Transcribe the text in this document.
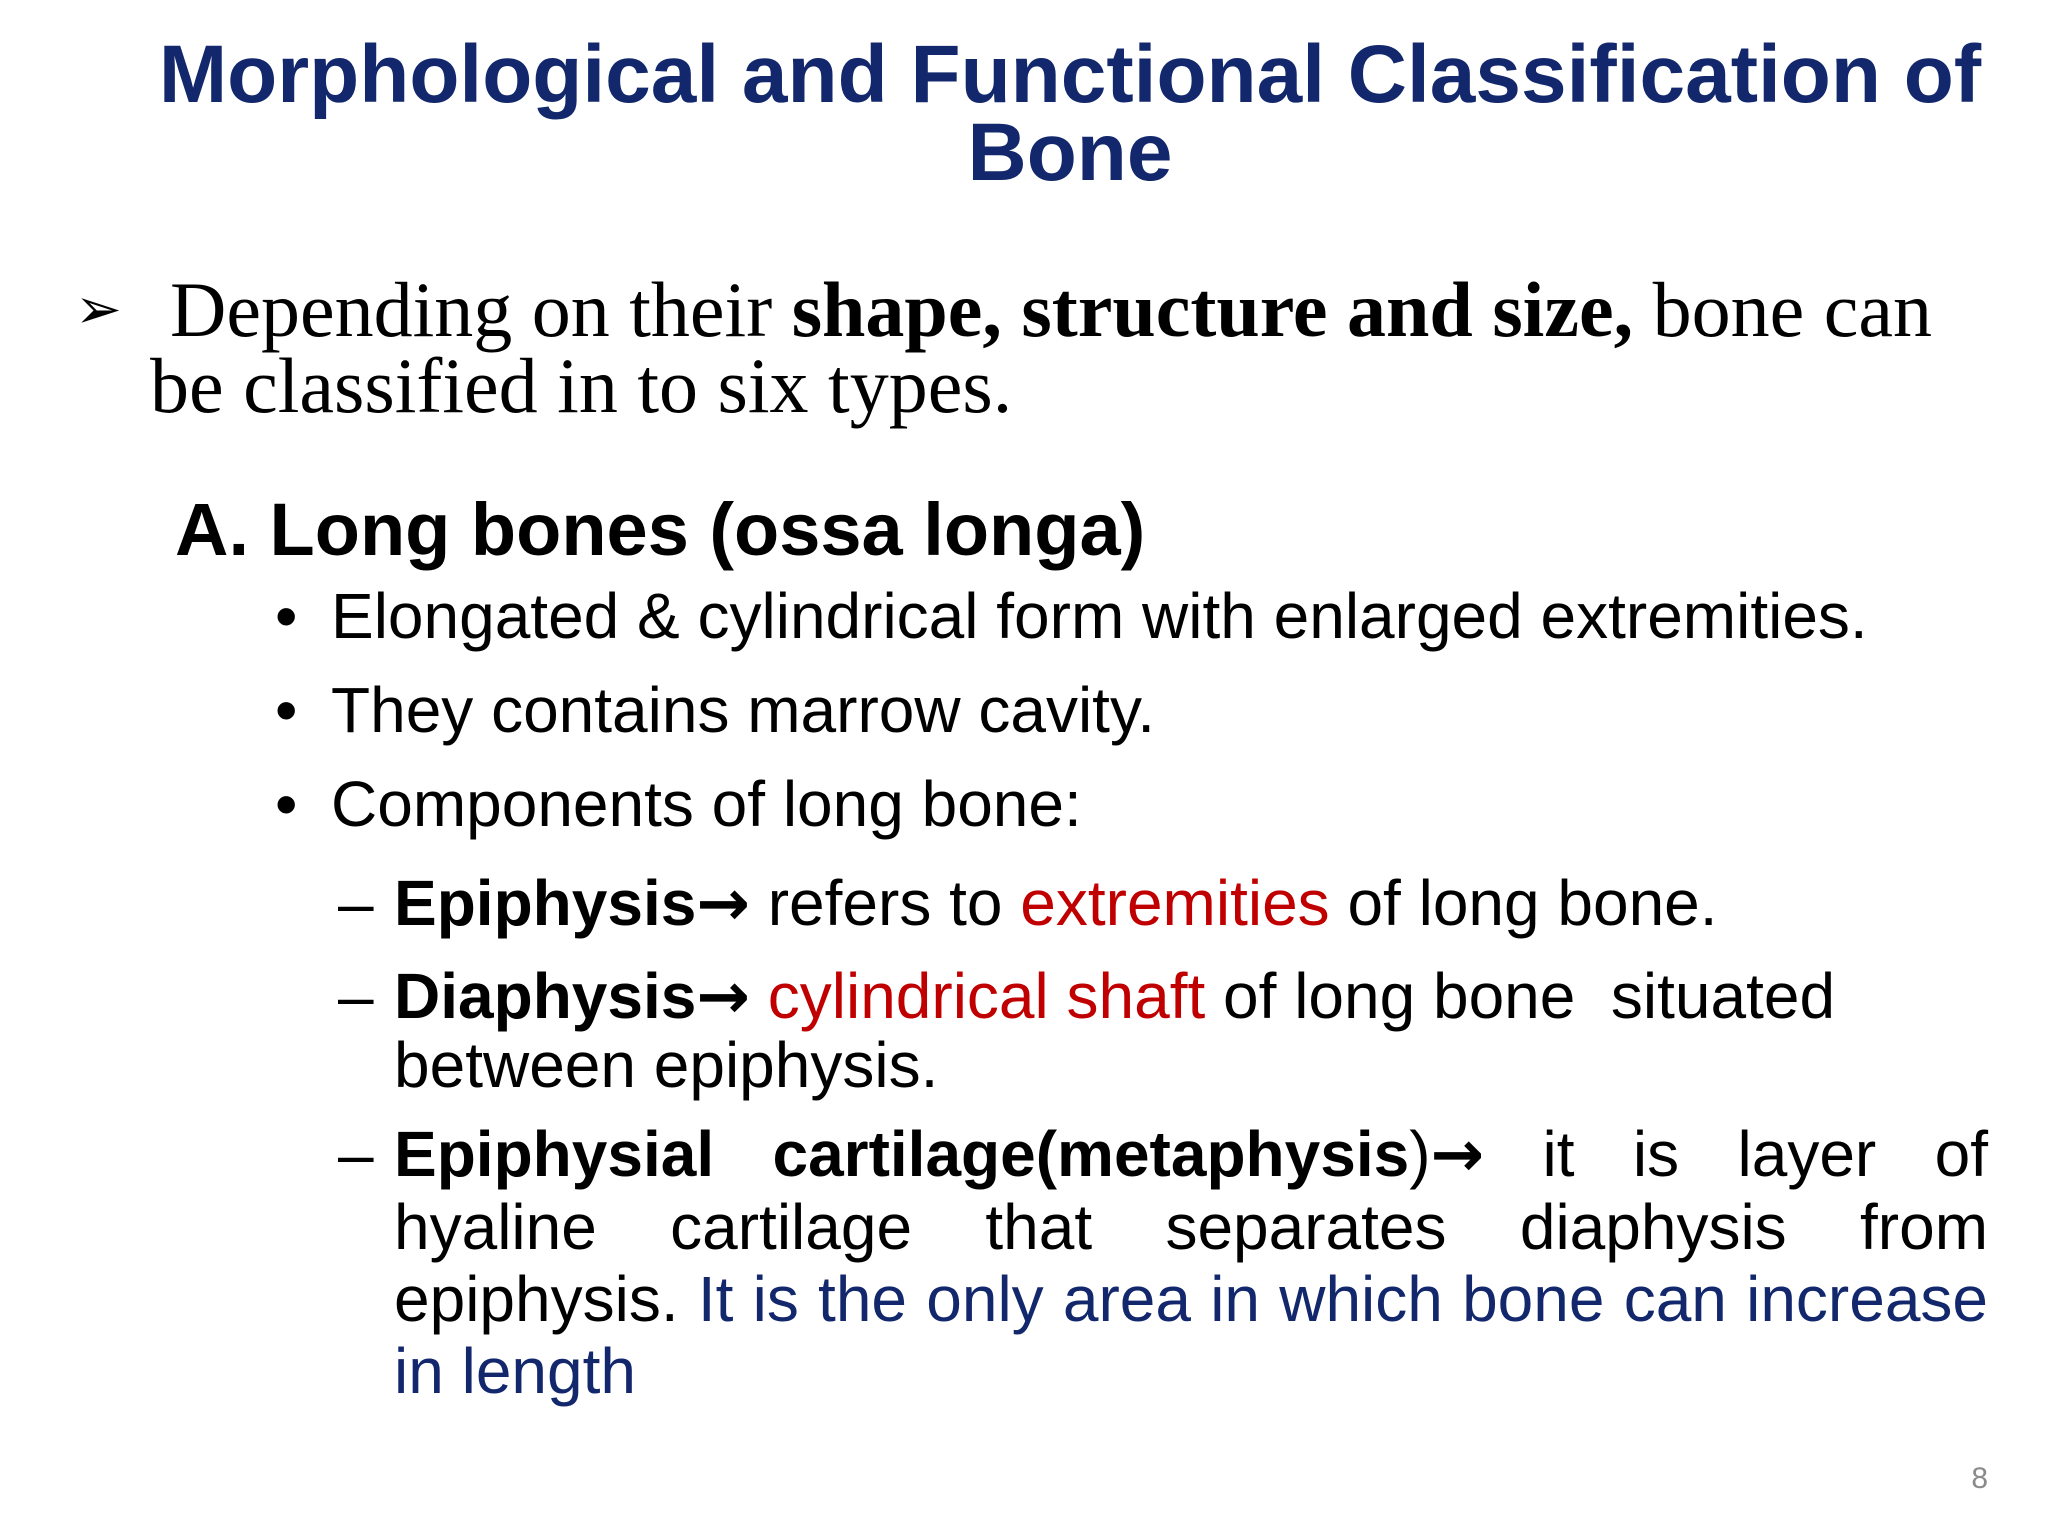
Morphological and Functional Classification of
Bone
➢ Depending on their shape, structure and size, bone can
be classified in to six types.
A. Long bones (ossa longa)
• Elongated & cylindrical form with enlarged extremities.
• They contains marrow cavity.
• Components of long bone:
– Epiphysis→ refers to extremities of long bone.
– Diaphysis→ cylindrical shaft of long bone  situated between epiphysis.
– Epiphysial cartilage(metaphysis)→ it is layer of hyaline cartilage that separates diaphysis from epiphysis. It is the only area in which bone can increase in length
8
